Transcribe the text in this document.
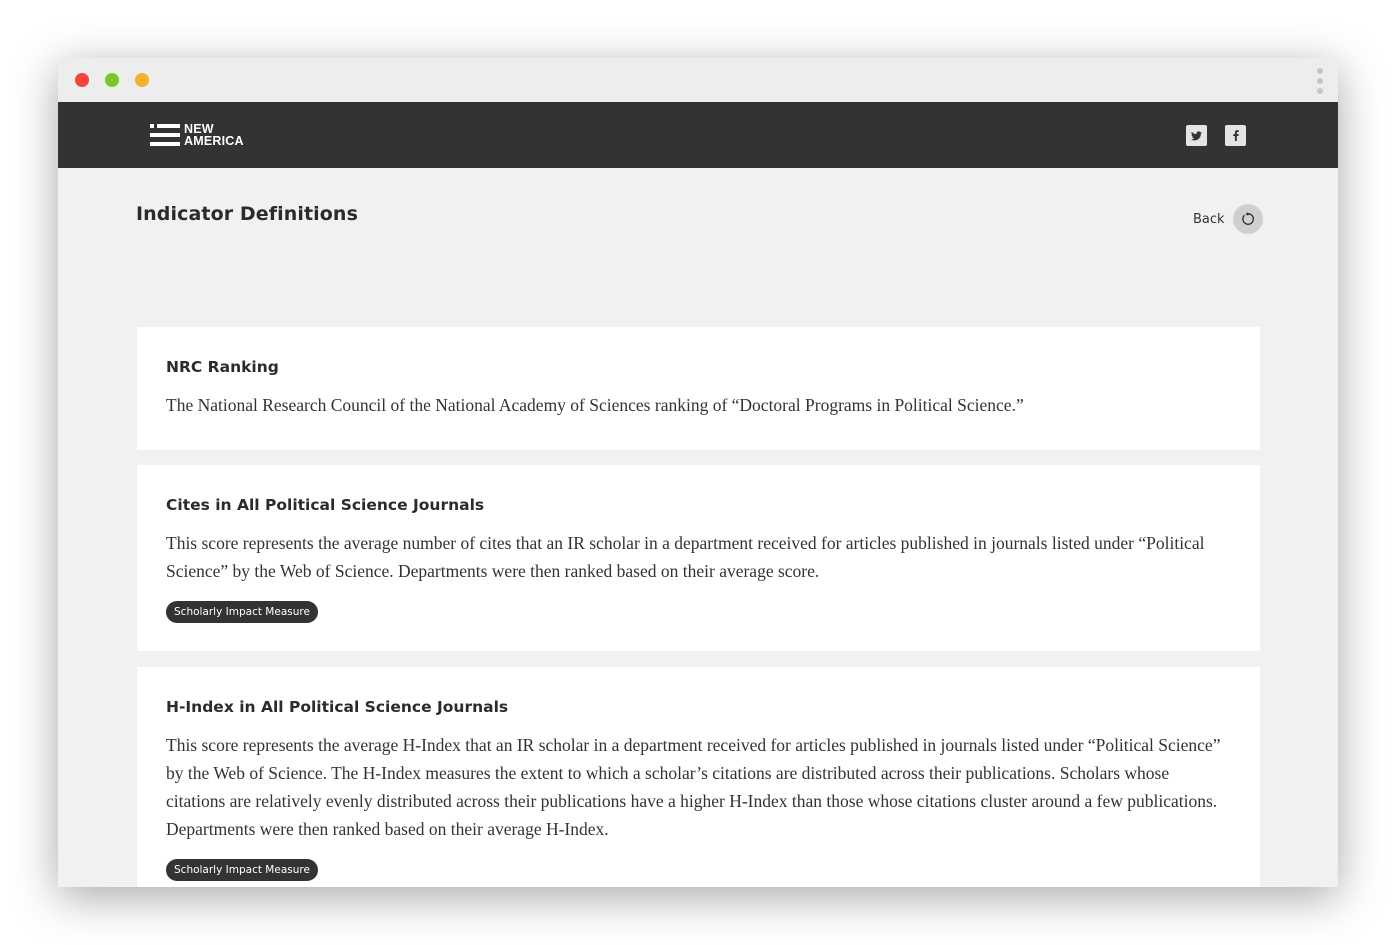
NEW
AMERICA
Indicator Definitions	Back
NRC Ranking

The National Research Council of the National Academy of Sciences ranking of “Doctoral Programs in Political Science.”

Cites in All Political Science Journals

This score represents the average number of cites that an IR scholar in a department received for articles published in journals listed under “Political Science” by the Web of Science. Departments were then ranked based on their average score.

Scholarly Impact Measure
H-Index in All Political Science Journals

This score represents the average H-Index that an IR scholar in a department received for articles published in journals listed under “Political Science” by the Web of Science. The H-Index measures the extent to which a scholar’s citations are distributed across their publications. Scholars whose citations are relatively evenly distributed across their publications have a higher H-Index than those whose citations cluster around a few publications. Departments were then ranked based on their average H-Index.

Scholarly Impact Measure
